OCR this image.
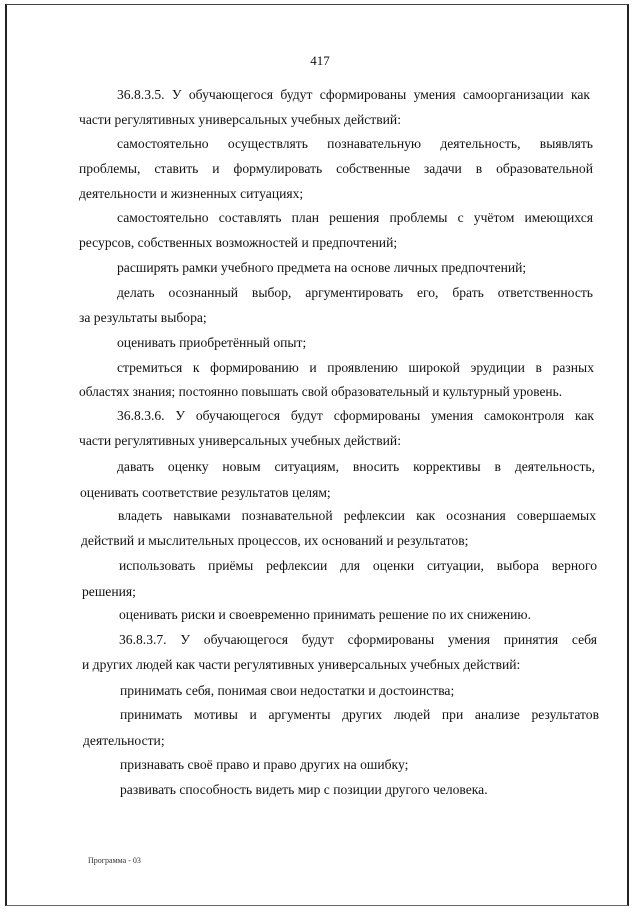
417
36.8.3.5. У обучающегося будут сформированы умения самоорганизации как
части регулятивных универсальных учебных действий:
самостоятельно осуществлять познавательную деятельность, выявлять
проблемы, ставить и формулировать собственные задачи в образовательной
деятельности и жизненных ситуациях;
самостоятельно составлять план решения проблемы с учётом имеющихся
ресурсов, собственных возможностей и предпочтений;
расширять рамки учебного предмета на основе личных предпочтений;
делать осознанный выбор, аргументировать его, брать ответственность
за результаты выбора;
оценивать приобретённый опыт;
стремиться к формированию и проявлению широкой эрудиции в разных
областях знания; постоянно повышать свой образовательный и культурный уровень.
36.8.3.6. У обучающегося будут сформированы умения самоконтроля как
части регулятивных универсальных учебных действий:
давать оценку новым ситуациям, вносить коррективы в деятельность,
оценивать соответствие результатов целям;
владеть навыками познавательной рефлексии как осознания совершаемых
действий и мыслительных процессов, их оснований и результатов;
использовать приёмы рефлексии для оценки ситуации, выбора верного
решения;
оценивать риски и своевременно принимать решение по их снижению.
36.8.3.7. У обучающегося будут сформированы умения принятия себя
и других людей как части регулятивных универсальных учебных действий:
принимать себя, понимая свои недостатки и достоинства;
принимать мотивы и аргументы других людей при анализе результатов
деятельности;
признавать своё право и право других на ошибку;
развивать способность видеть мир с позиции другого человека.
Программа - 03
